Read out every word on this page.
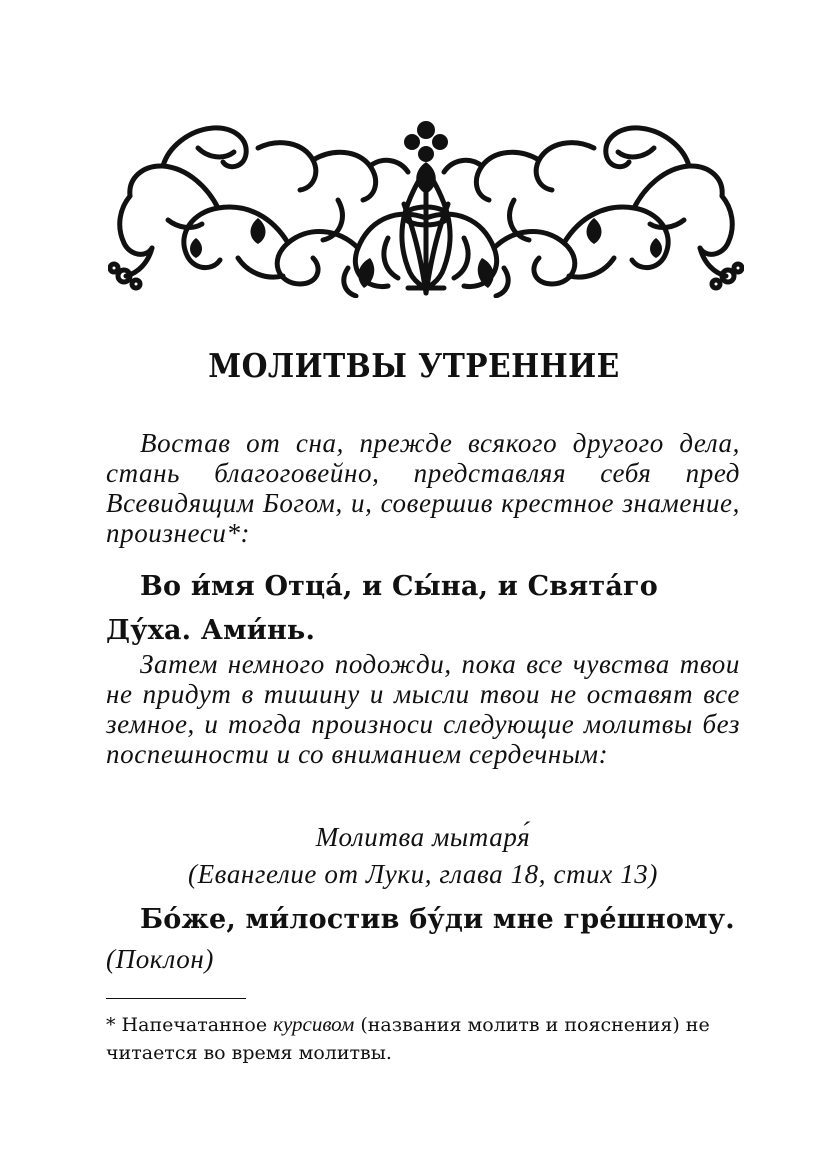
МОЛИТВЫ УТРЕННИЕ
Востав от сна, прежде всякого другого дела, стань благоговейно, представляя себя пред Всевидящим Богом, и, совершив крестное знамение, произнеси*:
Во и́мя Отца́, и Сы́на, и Свята́го Ду́ха. Ами́нь.
Затем немного подожди, пока все чувства твои не придут в тишину и мысли твои не оставят все земное, и тогда произноси следующие молитвы без поспешности и со вниманием сердечным:
Молитва мытаря́
(Евангелие от Луки, глава 18, стих 13)
Бо́же, ми́лостив бу́ди мне гре́шному.
(Поклон)
* Напечатанное курсивом (названия молитв и пояснения) не читается во время молитвы.
